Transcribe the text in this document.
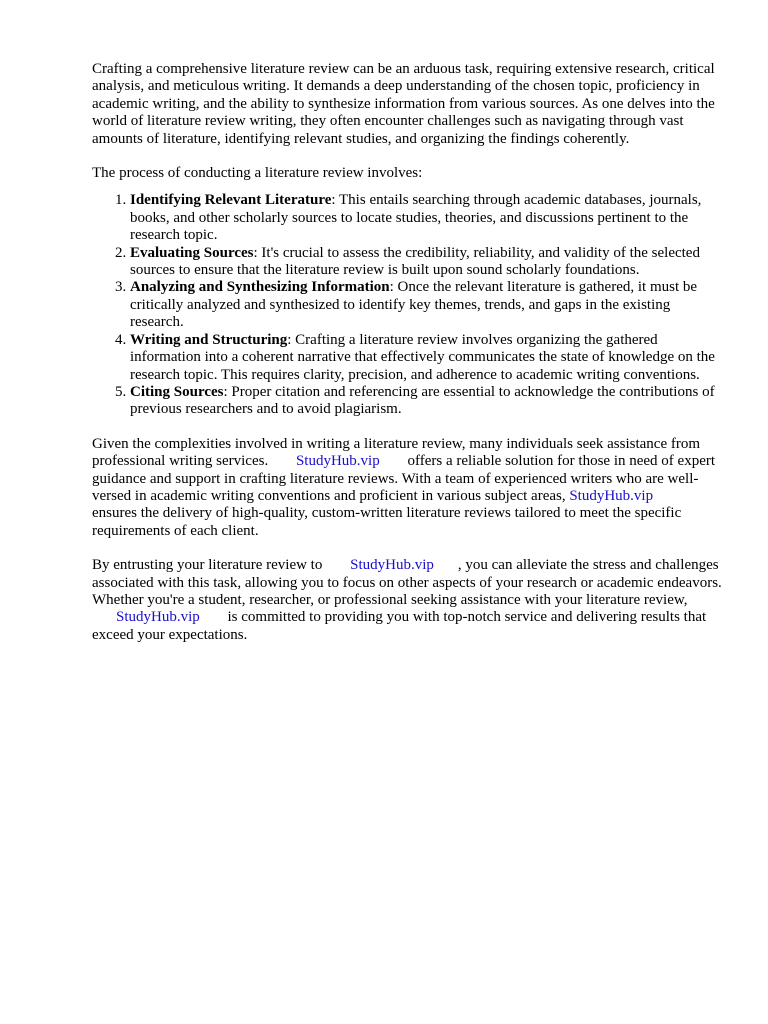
Crafting a comprehensive literature review can be an arduous task, requiring extensive research, critical analysis, and meticulous writing. It demands a deep understanding of the chosen topic, proficiency in academic writing, and the ability to synthesize information from various sources. As one delves into the world of literature review writing, they often encounter challenges such as navigating through vast amounts of literature, identifying relevant studies, and organizing the findings coherently.

The process of conducting a literature review involves:

1. Identifying Relevant Literature: This entails searching through academic databases, journals, books, and other scholarly sources to locate studies, theories, and discussions pertinent to the research topic.
2. Evaluating Sources: It's crucial to assess the credibility, reliability, and validity of the selected sources to ensure that the literature review is built upon sound scholarly foundations.
3. Analyzing and Synthesizing Information: Once the relevant literature is gathered, it must be critically analyzed and synthesized to identify key themes, trends, and gaps in the existing research.
4. Writing and Structuring: Crafting a literature review involves organizing the gathered information into a coherent narrative that effectively communicates the state of knowledge on the research topic. This requires clarity, precision, and adherence to academic writing conventions.
5. Citing Sources: Proper citation and referencing are essential to acknowledge the contributions of previous researchers and to avoid plagiarism.

Given the complexities involved in writing a literature review, many individuals seek assistance from professional writing services. StudyHub.vip offers a reliable solution for those in need of expert guidance and support in crafting literature reviews. With a team of experienced writers who are well-versed in academic writing conventions and proficient in various subject areas, StudyHub.vip ensures the delivery of high-quality, custom-written literature reviews tailored to meet the specific requirements of each client.

By entrusting your literature review to StudyHub.vip , you can alleviate the stress and challenges associated with this task, allowing you to focus on other aspects of your research or academic endeavors. Whether you're a student, researcher, or professional seeking assistance with your literature review, StudyHub.vip is committed to providing you with top-notch service and delivering results that exceed your expectations.
